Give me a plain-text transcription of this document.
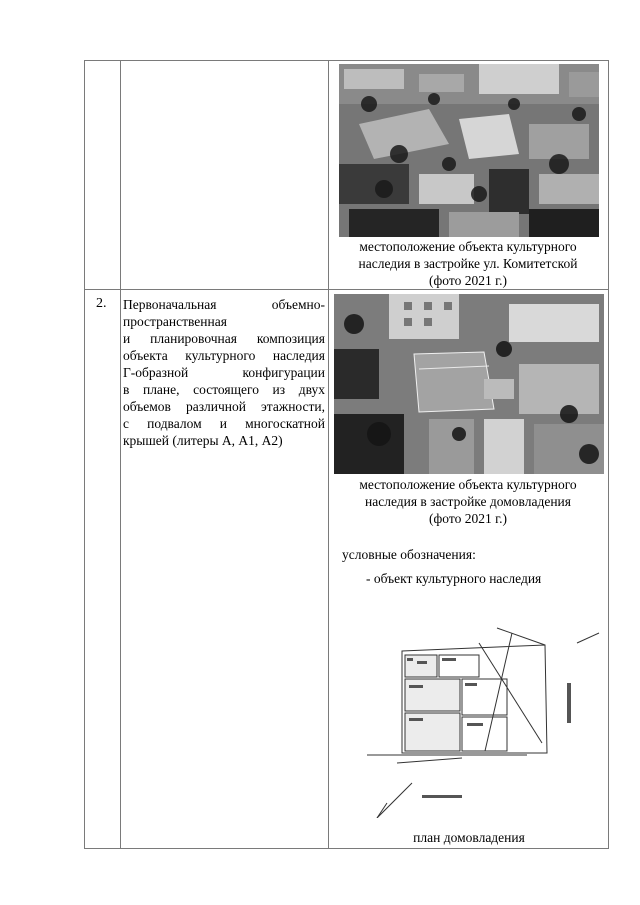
местоположение объекта культурного
наследия в застройке ул. Комитетской
(фото 2021 г.)
2. Первоначальная объемно-
пространственная
и планировочная композиция
объекта культурного наследия
Г-образной конфигурации
в плане, состоящего из двух
объемов различной этажности,
с подвалом и многоскатной
крышей (литеры А, А1, А2)
местоположение объекта культурного
наследия в застройке домовладения
(фото 2021 г.)
условные обозначения:
- объект культурного наследия
план домовладения
